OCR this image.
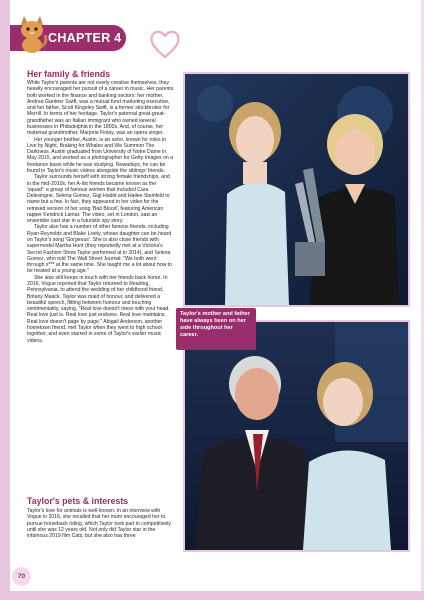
CHAPTER 4
Her family & friends

While Taylor's parents are not overly creative themselves, they heavily encouraged her pursuit of a career in music. Her parents both worked in the finance and banking sectors: her mother, Andrea Gardner Swift, was a mutual fund marketing executive, and her father, Scott Kingsley Swift, is a former stockbroker for Merrill. In terms of her heritage, Taylor's paternal great-great-grandfather was an Italian immigrant who owned several businesses in Philadelphia in the 1800s. And, of course, her maternal grandmother, Marjorie Finlay, was an opera singer.

Her younger brother, Austin, is an actor, known for roles in Live by Night, Braking for Whales and We Summon The Darkness. Austin graduated from University of Notre Dame in May 2015, and worked as a photographer for Getty Images on a freelance basis while he was studying. Nowadays, he can be found in Taylor's music videos alongside the siblings' friends.

Taylor surrounds herself with strong female friendships, and in the mid-2010s, her A-list friends became known as the 'squad': a group of famous women that included Cara Delevingne, Selena Gomez, Gigi Hadid and Hailee Steinfeld to name but a few. In fact, they appeared in her video for the remixed version of her song 'Bad Blood', featuring American rapper Kendrick Lamar. The video, set in London, saw an ensemble cast star in a futuristic spy story.

Taylor also has a number of other famous friends, including Ryan Reynolds and Blake Lively, whose daughter can be heard on Taylor's song 'Gorgeous'. She is also close friends with supermodel Martha Hunt (they reportedly met at a Victoria's Secret Fashion Show Taylor performed at in 2014), and Selena Gomez, who told The Wall Street Journal: "We both went through s*** at the same time. She taught me a lot about how to be treated at a young age."

She also still keeps in touch with her friends back home. In 2016, Vogue reported that Taylor returned to Reading, Pennsylvania, to attend the wedding of her childhood friend, Britany Maack. Taylor was maid of honour, and delivered a beautiful speech, flitting between humour and touching sentimentality, saying, "Real love doesn't mess with your head. Real love just is. Real love just endures. Real love maintains. Real love doesn't page by page." Abigail Anderson, another hometown friend, met Taylor when they went to high school together, and even starred in some of Taylor's earlier music videos.

Taylor's pets & interests

Taylor's love for animals is well-known. In an interview with Vogue in 2016, she recalled that her mum encouraged her to pursue horseback riding, which Taylor took part in competitively until she was 12 years old. Not only did Taylor star in the infamous 2019 film Cats, but she also has three

Taylor's mother and father have always been on her side throughout her career.
70
